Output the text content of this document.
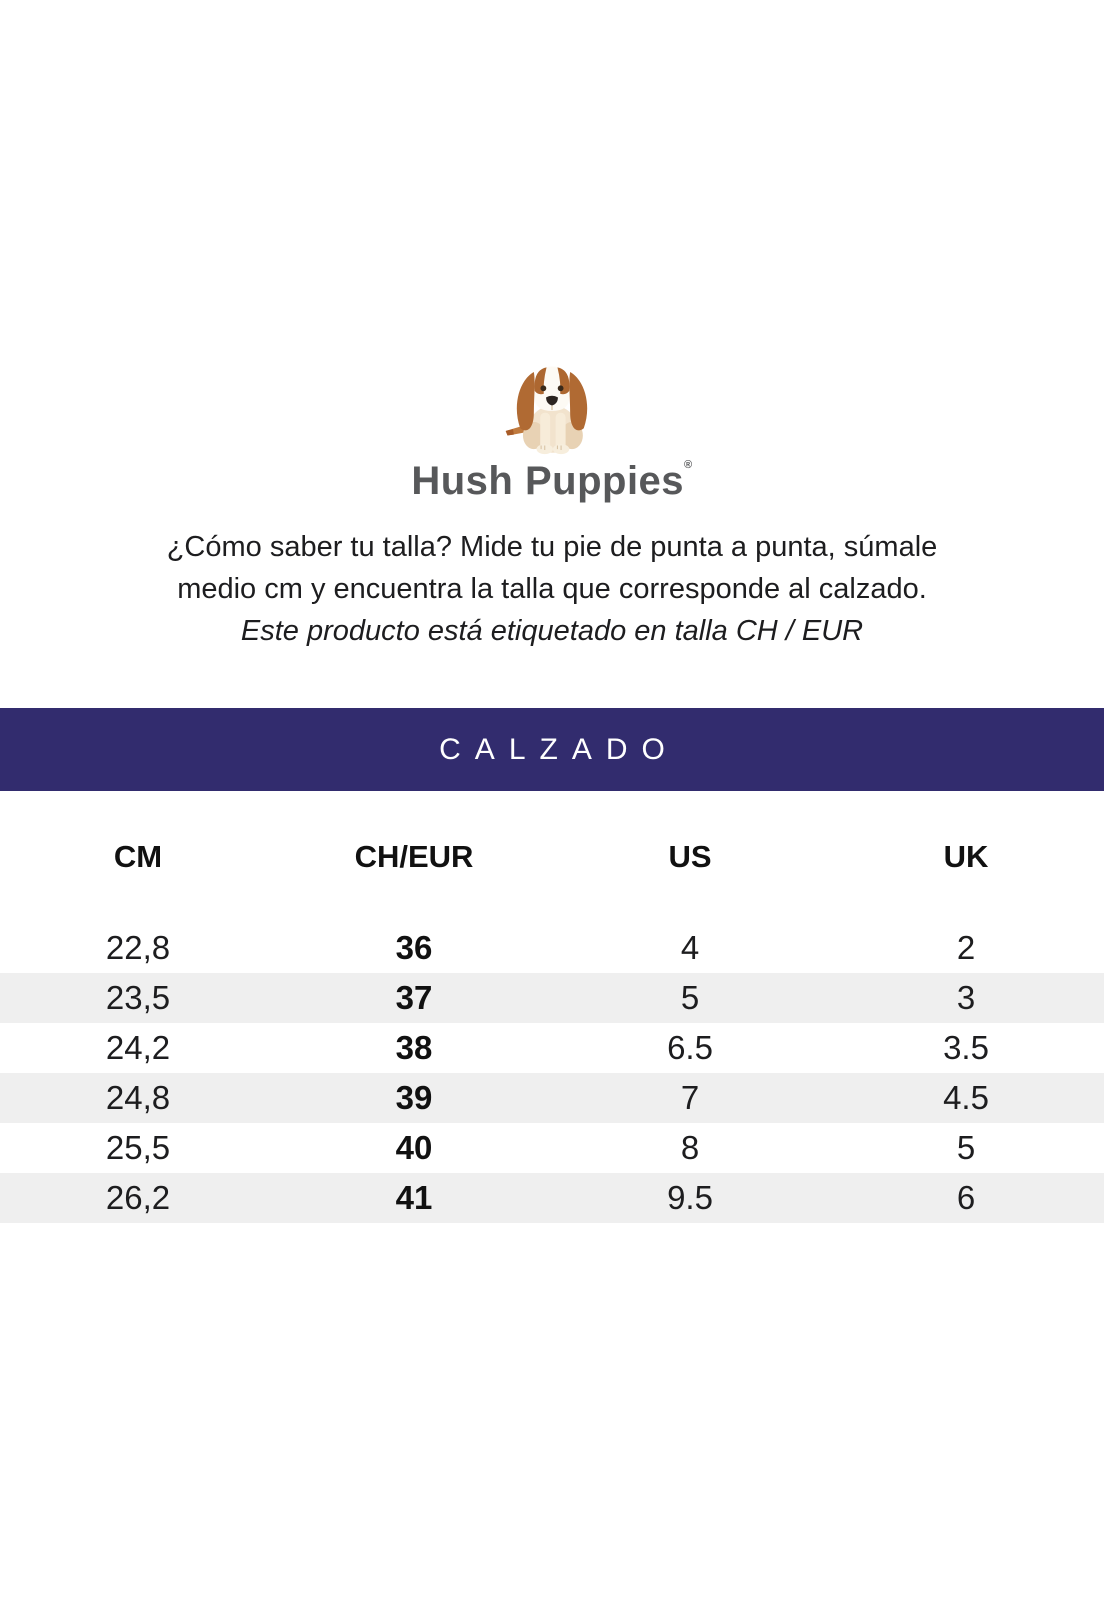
Hush Puppies®
¿Cómo saber tu talla? Mide tu pie de punta a punta, súmale
medio cm y encuentra la talla que corresponde al calzado.
Este producto está etiquetado en talla CH / EUR
CALZADO
CM	CH/EUR	US	UK
22,8	36	4	2
23,5	37	5	3
24,2	38	6.5	3.5
24,8	39	7	4.5
25,5	40	8	5
26,2	41	9.5	6
